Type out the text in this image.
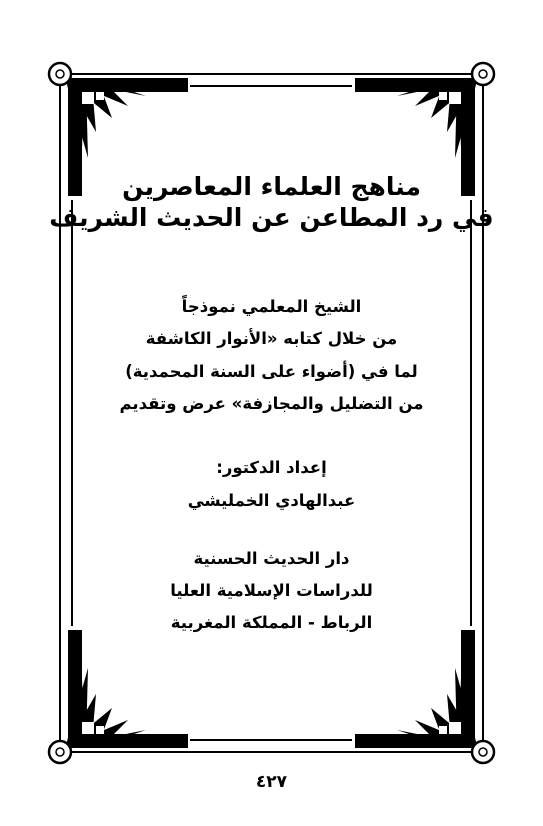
مناهج العلماء المعاصرين
في رد المطاعن عن الحديث الشريف
الشيخ المعلمي نموذجاً
من خلال كتابه «الأنوار الكاشفة
لما في (أضواء على السنة المحمدية)
من التضليل والمجازفة» عرض وتقديم
إعداد الدكتور:
عبدالهادي الخمليشي
دار الحديث الحسنية
للدراسات الإسلامية العليا
الرباط - المملكة المغربية
٤٢٧
